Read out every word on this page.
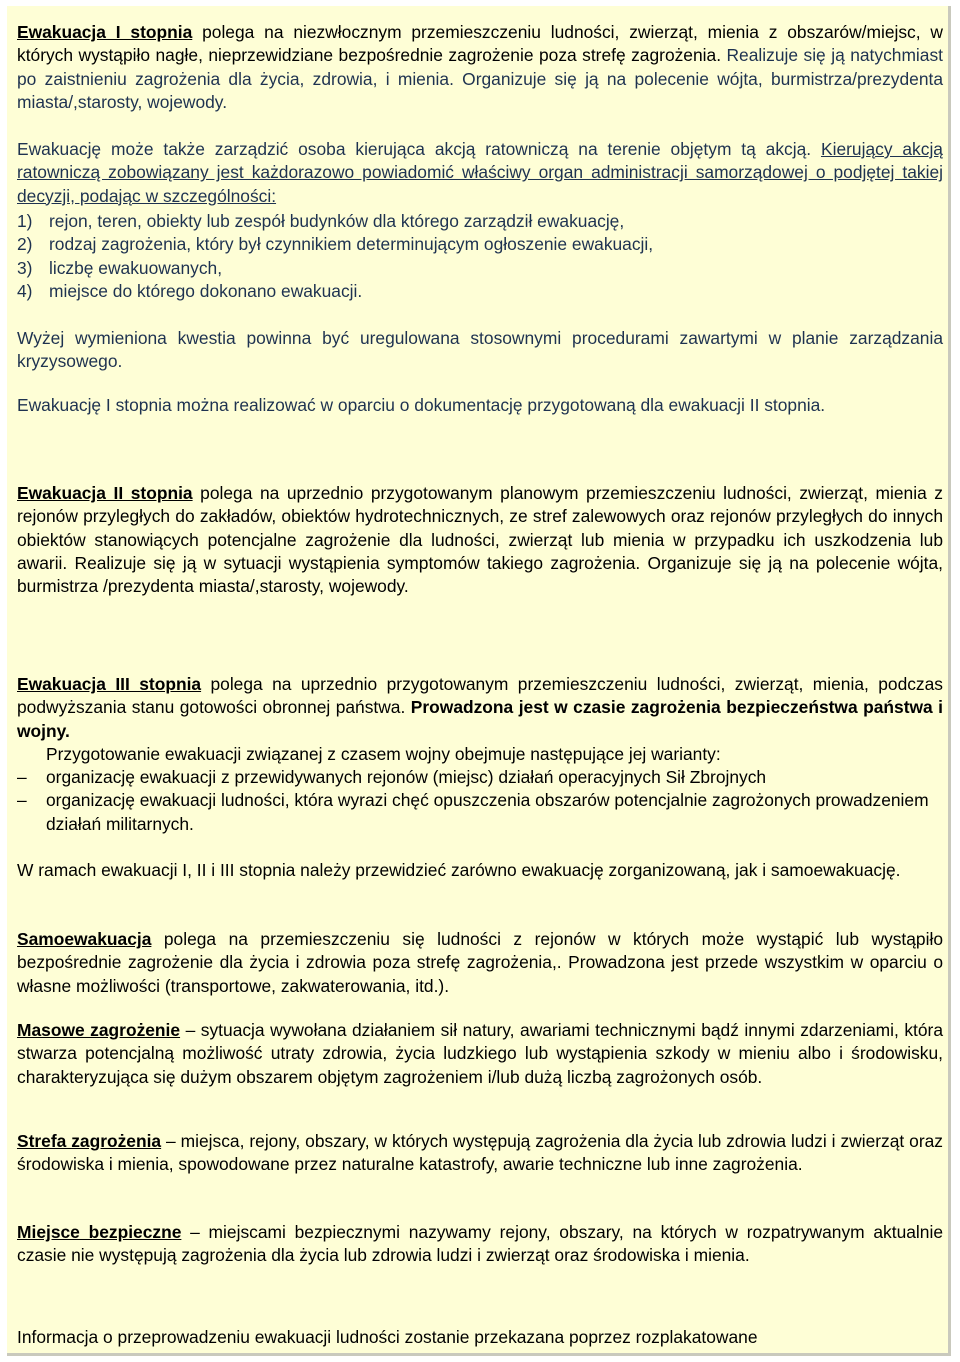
Ewakuacja I stopnia polega na niezwłocznym przemieszczeniu ludności, zwierząt, mienia z obszarów/miejsc, w których wystąpiło nagłe, nieprzewidziane bezpośrednie zagrożenie poza strefę zagrożenia. Realizuje się ją natychmiast po zaistnieniu zagrożenia dla życia, zdrowia, i mienia. Organizuje się ją na polecenie wójta, burmistrza/prezydenta miasta/,starosty, wojewody.

Ewakuację może także zarządzić osoba kierująca akcją ratowniczą na terenie objętym tą akcją. Kierujący akcją ratowniczą zobowiązany jest każdorazowo powiadomić właściwy organ administracji samorządowej o podjętej takiej decyzji, podając w szczególności:

1) rejon, teren, obiekty lub zespół budynków dla którego zarządził ewakuację,
2) rodzaj zagrożenia, który był czynnikiem determinującym ogłoszenie ewakuacji,
3) liczbę ewakuowanych,
4) miejsce do którego dokonano ewakuacji.

Wyżej wymieniona kwestia powinna być uregulowana stosownymi procedurami zawartymi w planie zarządzania kryzysowego.

Ewakuację I stopnia można realizować w oparciu o dokumentację przygotowaną dla ewakuacji II stopnia.

Ewakuacja II stopnia polega na uprzednio przygotowanym planowym przemieszczeniu ludności, zwierząt, mienia z rejonów przyległych do zakładów, obiektów hydrotechnicznych, ze stref zalewowych oraz rejonów przyległych do innych obiektów stanowiących potencjalne zagrożenie dla ludności, zwierząt lub mienia w przypadku ich uszkodzenia lub awarii. Realizuje się ją w sytuacji wystąpienia symptomów takiego zagrożenia. Organizuje się ją na polecenie wójta, burmistrza /prezydenta miasta/,starosty, wojewody.

Ewakuacja III stopnia polega na uprzednio przygotowanym przemieszczeniu ludności, zwierząt, mienia, podczas podwyższania stanu gotowości obronnej państwa. Prowadzona jest w czasie zagrożenia bezpieczeństwa państwa i wojny.

Przygotowanie ewakuacji związanej z czasem wojny obejmuje następujące jej warianty:

–	organizację ewakuacji z przewidywanych rejonów (miejsc) działań operacyjnych Sił Zbrojnych
–	organizację ewakuacji ludności, która wyrazi chęć opuszczenia obszarów potencjalnie zagrożonych prowadzeniem działań militarnych.

W ramach ewakuacji I, II i III stopnia należy przewidzieć zarówno ewakuację zorganizowaną, jak i samoewakuację.

Samoewakuacja polega na przemieszczeniu się ludności z rejonów w których może wystąpić lub wystąpiło bezpośrednie zagrożenie dla życia i zdrowia poza strefę zagrożenia,. Prowadzona jest przede wszystkim w oparciu o własne możliwości (transportowe, zakwaterowania, itd.).

Masowe zagrożenie – sytuacja wywołana działaniem sił natury, awariami technicznymi bądź innymi zdarzeniami, która stwarza potencjalną możliwość utraty zdrowia, życia ludzkiego lub wystąpienia szkody w mieniu albo i środowisku, charakteryzująca się dużym obszarem objętym zagrożeniem i/lub dużą liczbą zagrożonych osób.

Strefa zagrożenia – miejsca, rejony, obszary, w których występują zagrożenia dla życia lub zdrowia ludzi i zwierząt oraz środowiska i mienia, spowodowane przez naturalne katastrofy, awarie techniczne lub inne zagrożenia.

Miejsce bezpieczne – miejscami bezpiecznymi nazywamy rejony, obszary, na których w rozpatrywanym aktualnie czasie nie występują zagrożenia dla życia lub zdrowia ludzi i zwierząt oraz środowiska i mienia.

Informacja o przeprowadzeniu ewakuacji ludności zostanie przekazana poprzez rozplakatowane
